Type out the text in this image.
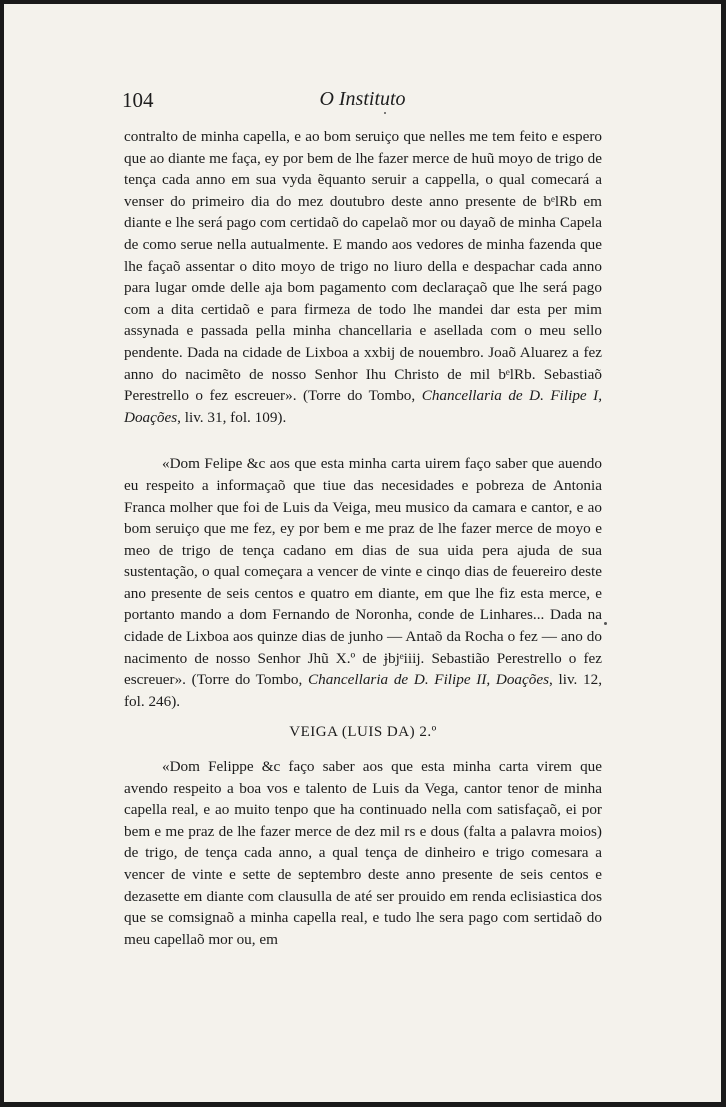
104	O Instituto

contralto de minha capella, e ao bom seruiço que nelles me tem feito e espero que ao diante me faça, ey por bem de lhe fazer merce de huũ moyo de trigo de tença cada anno em sua vyda ẽquanto seruir a cappella, o qual comecará a venser do primeiro dia do mez doutubro deste anno presente de bᵉlRb em diante e lhe será pago com certidaõ do capelaõ mor ou dayaõ de minha Capela de como serue nella autualmente. E mando aos vedores de minha fazenda que lhe façaõ assentar o dito moyo de trigo no liuro della e despachar cada anno para lugar omde delle aja bom pagamento com declaraçaõ que lhe será pago com a dita certidaõ e para firmeza de todo lhe mandei dar esta per mim assynada e passada pella minha chancellaria e asellada com o meu sello pendente. Dada na cidade de Lixboa a xxbij de nouembro. Joaõ Aluarez a fez anno do nacimẽto de nosso Senhor Ihu Christo de mil bᵉlRb. Sebastiaõ Perestrello o fez escreuer». (Torre do Tombo, Chancellaria de D. Filipe I, Doações, liv. 31, fol. 109).

«Dom Felipe &c aos que esta minha carta uirem faço saber que auendo eu respeito a informaçaõ que tiue das necesidades e pobreza de Antonia Franca molher que foi de Luis da Veiga, meu musico da camara e cantor, e ao bom seruiço que me fez, ey por bem e me praz de lhe fazer merce de moyo e meo de trigo de tença cadano em dias de sua uida pera ajuda de sua sustentação, o qual começara a vencer de vinte e cinqo dias de feuereiro deste ano presente de seis centos e quatro em diante, em que lhe fiz esta merce, e portanto mando a dom Fernando de Noronha, conde de Linhares... Dada na cidade de Lixboa aos quinze dias de junho — Antaõ da Rocha o fez — ano do nacimento de nosso Senhor Jhũ X.º de ɉbjᵉiiij. Sebastião Perestrello o fez escreuer». (Torre do Tombo, Chancellaria de D. Filipe II, Doações, liv. 12, fol. 246).

VEIGA (LUIS DA) 2.º

«Dom Felippe &c faço saber aos que esta minha carta virem que avendo respeito a boa vos e talento de Luis da Vega, cantor tenor de minha capella real, e ao muito tenpo que ha continuado nella com satisfaçaõ, ei por bem e me praz de lhe fazer merce de dez mil rs e dous (falta a palavra moios) de trigo, de tença cada anno, a qual tença de dinheiro e trigo comesara a vencer de vinte e sette de septembro deste anno presente de seis centos e dezasette em diante com clausulla de até ser prouido em renda eclisiastica dos que se comsignaõ a minha capella real, e tudo lhe sera pago com sertidaõ do meu capellaõ mor ou, em
